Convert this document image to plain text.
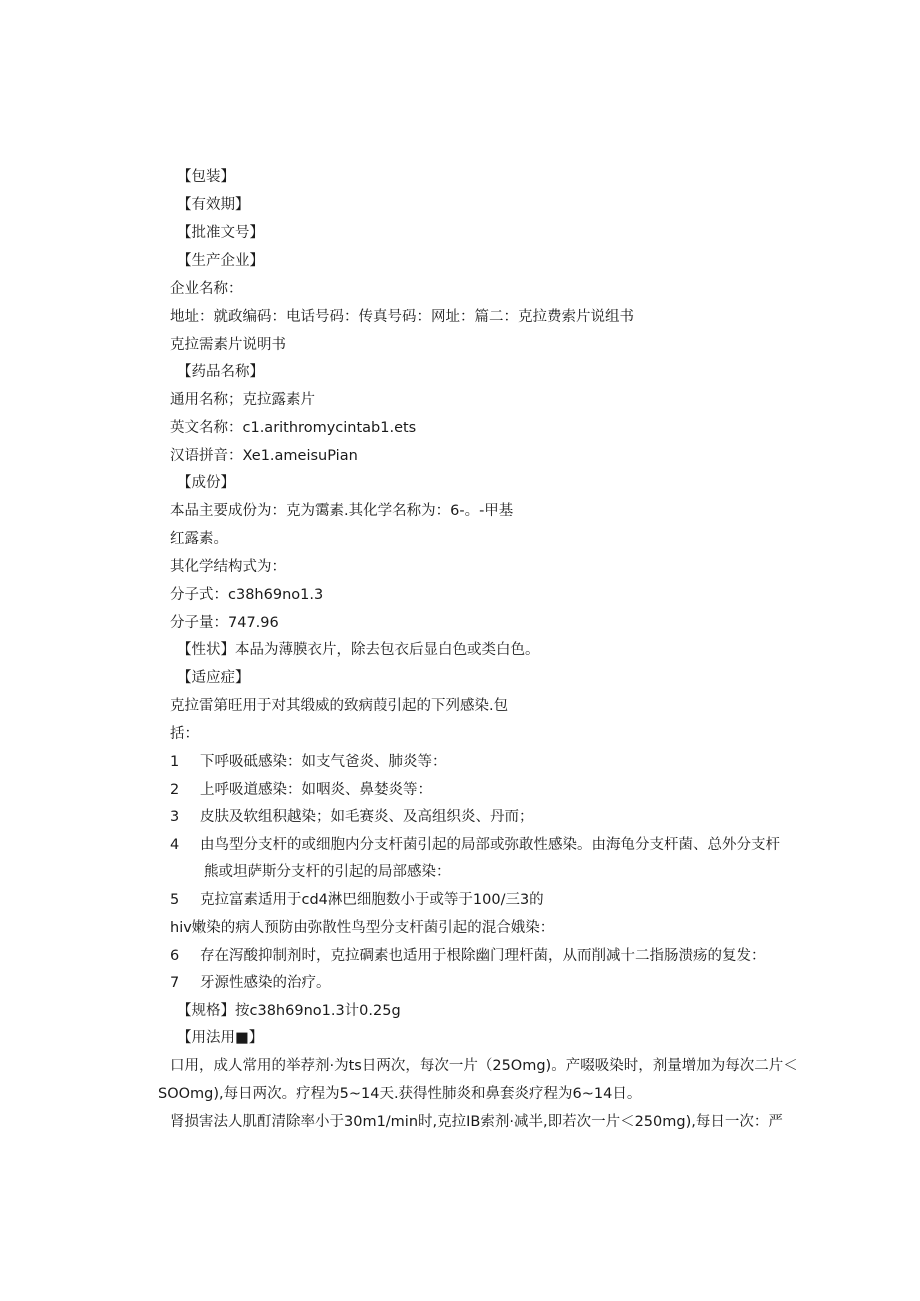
【包装】
【有效期】
【批准文号】
【生产企业】
企业名称：
地址：就政编码：电话号码：传真号码：网址：篇二：克拉费索片说组书
克拉需素片说明书
【药品名称】
通用名称；克拉露素片
英文名称：c1.arithromycintab1.ets
汉语拼音：Xe1.ameisuPian
【成份】
本品主要成份为：克为霭素.其化学名称为：6-。-甲基
红露素。
其化学结构式为：
分子式：c38h69no1.3
分子量：747.96
【性状】本品为薄膜衣片，除去包衣后显白色或类白色。
【适应症】
克拉雷第旺用于对其缎威的致病葭引起的下列感染.包
括：
1 下呼吸砥感染：如支气爸炎、肺炎等：
2 上呼吸道感染：如咽炎、鼻婪炎等：
3 皮肤及软组积越染；如毛赛炎、及高组织炎、丹而；
4 由鸟型分支杆的或细胞内分支杆菌引起的局部或弥敢性感染。由海龟分支杆菌、总外分支杆
熊或坦萨斯分支杆的引起的局部感染：
5 克拉富素适用于cd4淋巴细胞数小于或等于100/三3的
hiv嫩染的病人预防由弥散性鸟型分支杆菌引起的混合娥染：
6 存在泻酸抑制剂时，克拉碉素也适用于根除幽门理杆菌，从而削减十二指肠溃疡的复发：
7 牙源性感染的治疗。
【规格】按c38h69no1.3计0.25g
【用法用■】
口用，成人常用的举荐剂·为ts日两次，每次一片（25Omg)。产啜吸染时，剂量增加为每次二片＜
SOOmg),每日两次。疗程为5~14天.获得性肺炎和鼻套炎疗程为6~14日。
肾损害法人肌酊清除率小于30m1/min时,克拉IB索剂·减半,即若次一片＜250mg),每日一次：严
